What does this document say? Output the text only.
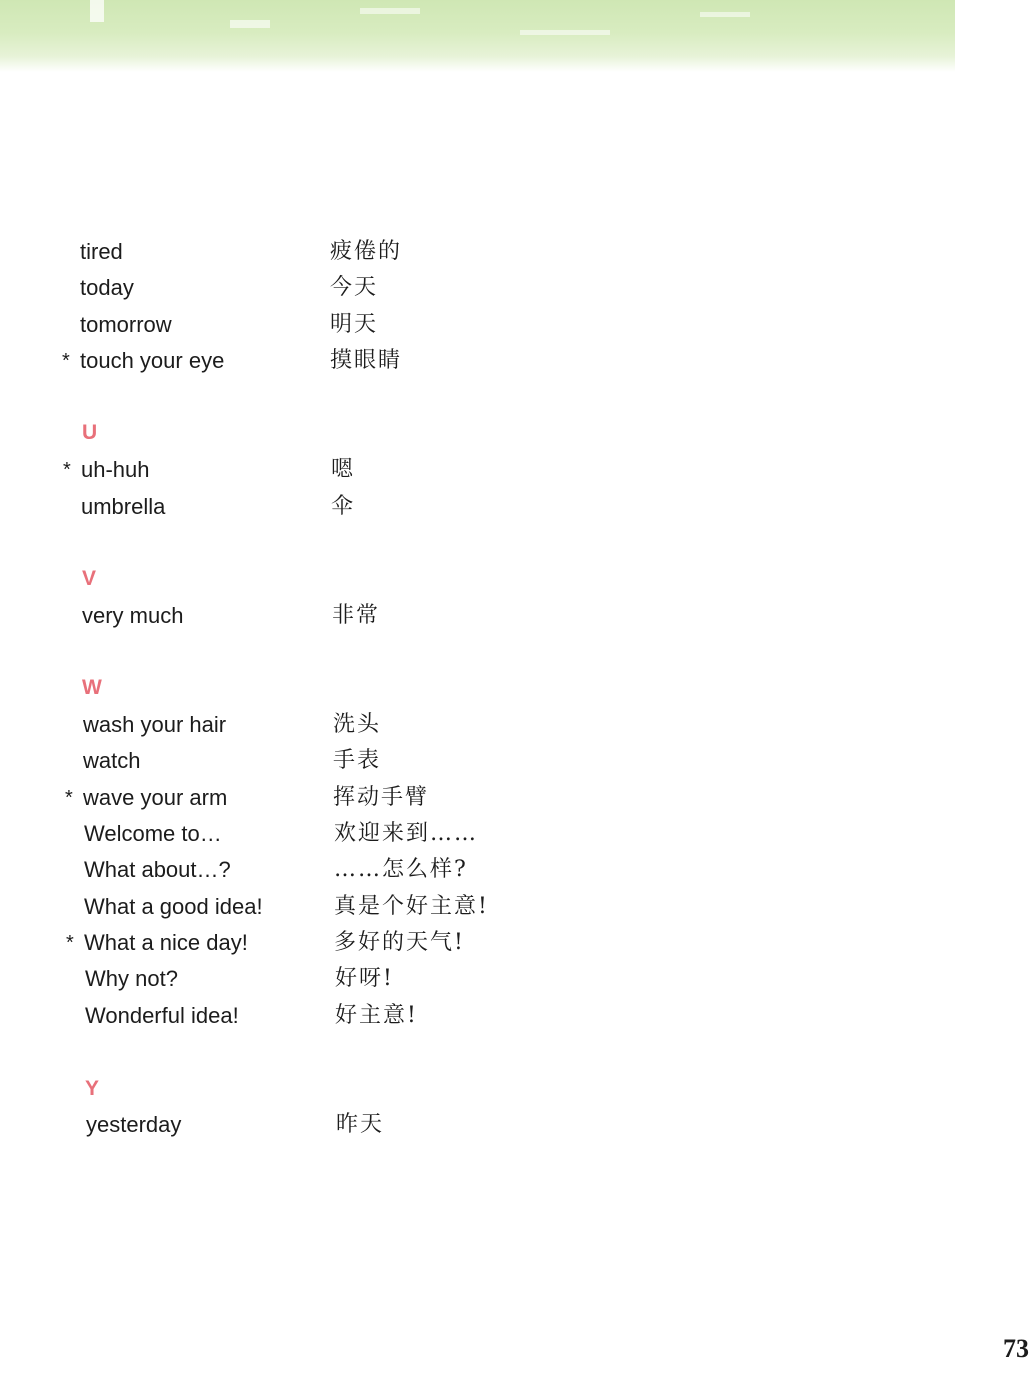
tired	疲倦的
today	今天
tomorrow	明天
* touch your eye	摸眼睛
U
* uh-huh	嗯
umbrella	伞
V
very much	非常
W
wash your hair	洗头
watch	手表
* wave your arm	挥动手臂
Welcome to…	欢迎来到……
What about…?	……怎么样?
What a good idea!	真是个好主意!
* What a nice day!	多好的天气!
Why not?	好呀!
Wonderful idea!	好主意!
Y
yesterday	昨天
73
